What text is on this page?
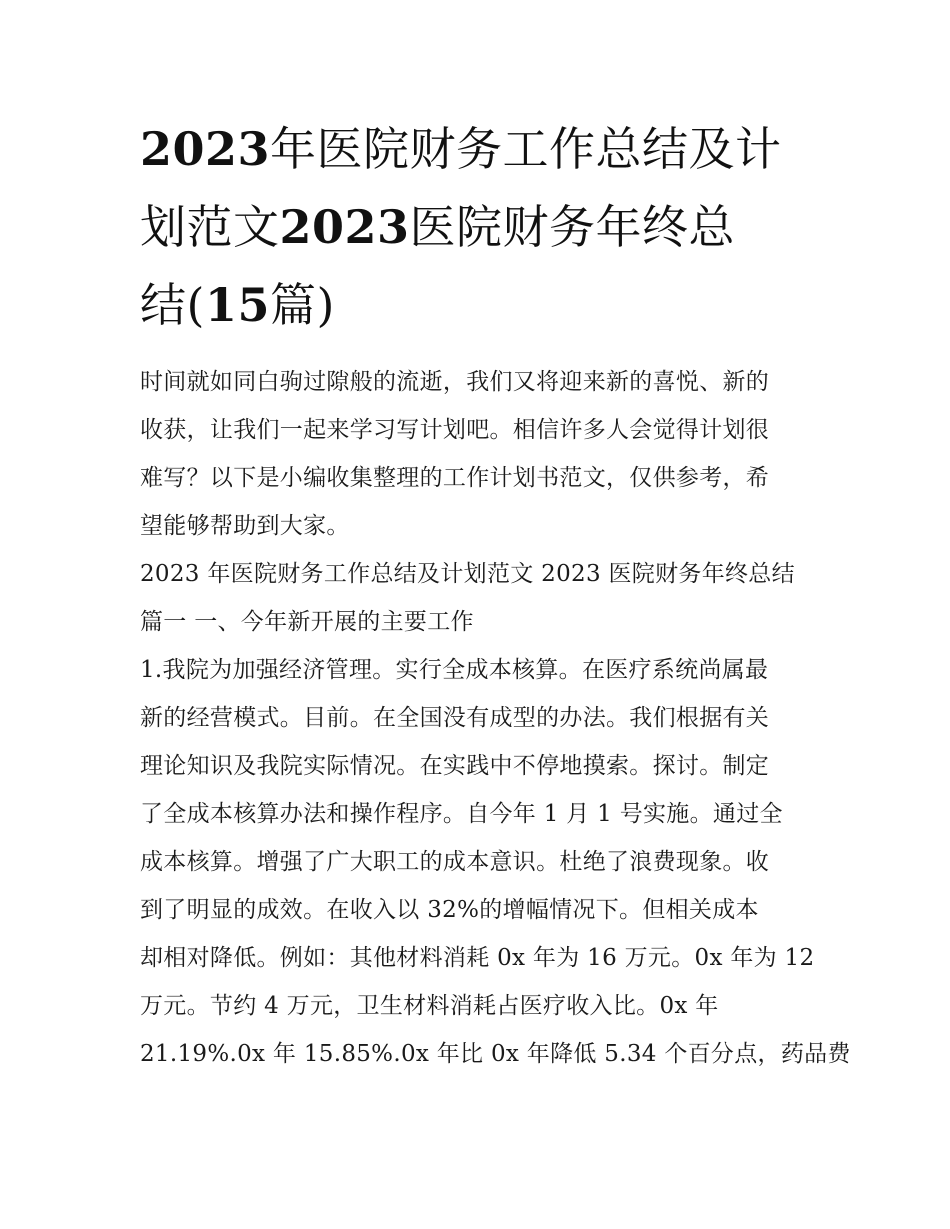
2023年医院财务工作总结及计
划范文2023医院财务年终总
结(15篇)

时间就如同白驹过隙般的流逝，我们又将迎来新的喜悦、新的
收获，让我们一起来学习写计划吧。相信许多人会觉得计划很
难写？以下是小编收集整理的工作计划书范文，仅供参考，希
望能够帮助到大家。

2023 年医院财务工作总结及计划范文 2023 医院财务年终总结
篇一 一、今年新开展的主要工作

1.我院为加强经济管理。实行全成本核算。在医疗系统尚属最
新的经营模式。目前。在全国没有成型的办法。我们根据有关
理论知识及我院实际情况。在实践中不停地摸索。探讨。制定
了全成本核算办法和操作程序。自今年 1 月 1 号实施。通过全
成本核算。增强了广大职工的成本意识。杜绝了浪费现象。收
到了明显的成效。在收入以 32%的增幅情况下。但相关成本
却相对降低。例如：其他材料消耗 0x 年为 16 万元。0x 年为 12
万元。节约 4 万元，卫生材料消耗占医疗收入比。0x 年
21.19%.0x 年 15.85%.0x 年比 0x 年降低 5.34 个百分点，药品费
